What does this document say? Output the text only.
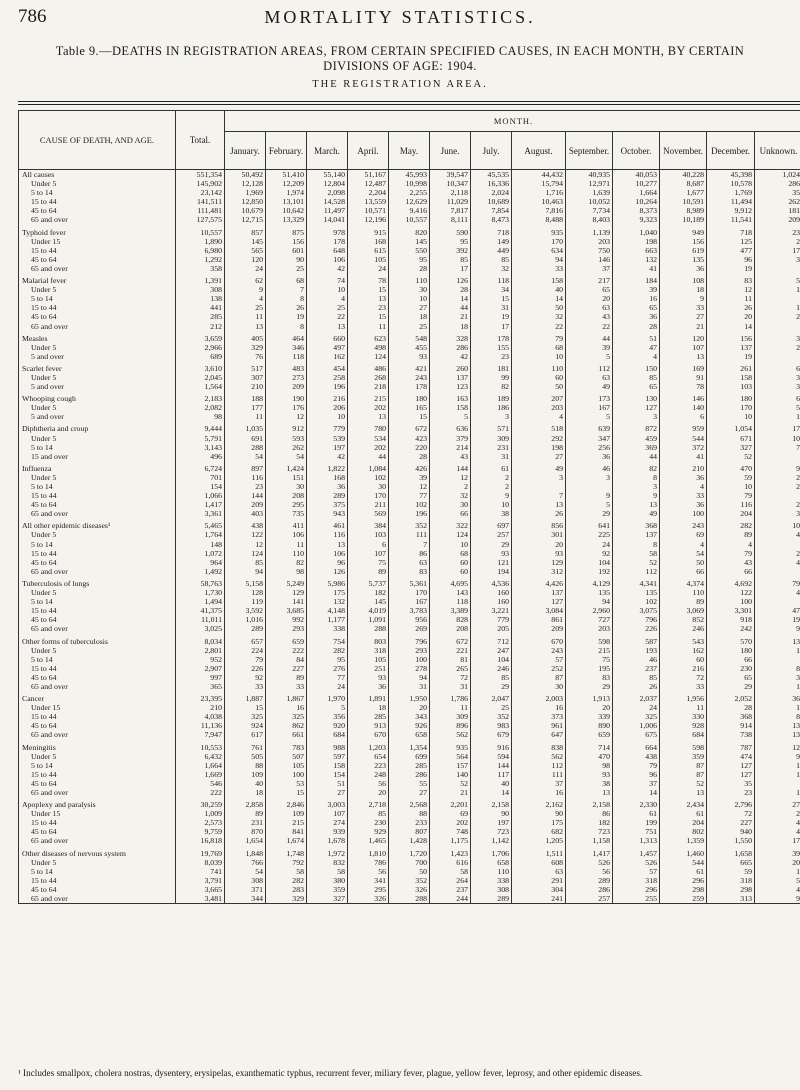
786	MORTALITY STATISTICS.
Table 9.—DEATHS IN REGISTRATION AREAS, FROM CERTAIN SPECIFIED CAUSES, IN EACH MONTH, BY CERTAIN
DIVISIONS OF AGE: 1904.
THE REGISTRATION AREA.
CAUSE OF DEATH, AND AGE.	Total.	MONTH.												
		January.	February.	March.	April.	May.	June.	July.	August.	September.	October.	November.	December.	Unknown.
All causes	551,354	50,492	51,410	55,140	51,167	45,993	39,547	45,535	44,432	40,935	40,053	40,228	45,398	1,024
Under 5	145,902	12,128	12,209	12,804	12,487	10,998	10,347	16,336	15,794	12,971	10,277	8,687	10,578	286
5 to 14	23,142	1,969	1,974	2,098	2,204	2,255	2,118	2,024	1,716	1,639	1,664	1,677	1,769	35
15 to 44	141,511	12,850	13,101	14,528	13,559	12,629	11,029	10,689	10,463	10,052	10,264	10,591	11,494	262
45 to 64	111,481	10,679	10,642	11,497	10,571	9,416	7,817	7,854	7,816	7,734	8,373	8,989	9,912	181
65 and over	127,575	12,715	13,329	14,041	12,196	10,557	8,111	8,473	8,488	8,403	9,323	10,189	11,541	209
Typhoid fever	10,557	857	875	978	915	820	590	718	935	1,139	1,040	949	718	23
Under 15	1,890	145	156	178	168	145	95	149	170	203	198	156	125	2
15 to 44	6,980	565	601	648	615	550	392	449	634	750	663	619	477	17
45 to 64	1,292	120	90	106	105	95	85	85	94	146	132	135	96	3
65 and over	358	24	25	42	24	28	17	32	33	37	41	36	19	
Malarial fever	1,391	62	68	74	78	110	126	118	158	217	184	108	83	5
Under 5	308	9	7	10	15	30	28	34	40	65	39	18	12	1
5 to 14	138	4	8	4	13	10	14	15	14	20	16	9	11	
15 to 44	441	25	26	25	23	27	44	31	50	63	65	33	26	1
45 to 64	285	11	19	22	15	18	21	19	32	43	36	27	20	2
65 and over	212	13	8	13	11	25	18	17	22	22	28	21	14	
Measles	3,659	405	464	660	623	548	328	178	79	44	51	120	156	3
Under 5	2,966	329	346	497	498	455	286	155	68	39	47	107	137	2
5 and over	689	76	118	162	124	93	42	23	10	5	4	13	19	
Scarlet fever	3,610	517	483	454	486	421	260	181	110	112	150	169	261	6
Under 5	2,045	307	273	258	268	243	137	99	60	63	85	91	158	3
5 and over	1,564	210	209	196	218	178	123	82	50	49	65	78	103	3
Whooping cough	2,183	188	190	216	215	180	163	189	207	173	130	146	180	6
Under 5	2,082	177	176	206	202	165	158	186	203	167	127	140	170	5
5 and over	98	11	12	10	13	15	5	3	4	5	3	6	10	1
Diphtheria and croup	9,444	1,035	912	779	780	672	636	571	518	639	872	959	1,054	17
Under 5	5,791	691	593	539	534	423	379	309	292	347	459	544	671	10
5 to 14	3,143	288	262	197	202	220	214	231	198	256	369	372	327	7
15 and over	496	54	54	42	44	28	43	31	27	36	44	41	52	
Influenza	6,724	897	1,424	1,822	1,084	426	144	61	49	46	82	210	470	9
Under 5	701	116	151	168	102	39	12	2	3	3	8	36	59	2
5 to 14	154	23	30	36	30	12	2	2			3	4	10	2
15 to 44	1,066	144	208	289	170	77	32	9	7	9	9	33	79	
45 to 64	1,417	209	295	375	211	102	30	10	13	5	13	36	116	2
65 and over	3,361	403	735	943	569	196	66	38	26	29	49	100	204	3
All other epidemic diseases¹	5,465	438	411	461	384	352	322	697	856	641	368	243	282	10
Under 5	1,764	122	106	116	103	111	124	257	301	225	137	69	89	4
5 to 14	148	12	11	13	6	7	10	29	20	24	8	4	4	
15 to 44	1,072	124	110	106	107	86	68	93	93	92	58	54	79	2
45 to 64	964	85	82	96	75	63	60	121	129	104	52	50	43	4
65 and over	1,492	94	98	126	89	83	60	194	312	192	112	66	66	
Tuberculosis of lungs	58,763	5,158	5,249	5,986	5,737	5,361	4,695	4,536	4,426	4,129	4,341	4,374	4,692	79
Under 5	1,730	128	129	175	182	170	143	160	137	135	135	110	122	4
5 to 14	1,494	119	141	132	145	167	118	160	127	94	102	89	100	
15 to 44	41,375	3,592	3,685	4,148	4,019	3,783	3,389	3,221	3,084	2,960	3,075	3,069	3,301	47
45 to 64	11,011	1,016	992	1,177	1,091	956	828	779	861	727	796	852	918	19
65 and over	3,025	289	293	338	288	269	208	205	209	203	226	246	242	9
Other forms of tuberculosis	8,034	657	659	754	803	796	672	712	670	598	587	543	570	13
Under 5	2,801	224	222	282	318	293	221	247	243	215	193	162	180	1
5 to 14	952	79	84	95	105	100	81	104	57	75	46	60	66	
15 to 44	2,907	226	227	276	251	278	265	246	252	195	237	216	230	8
45 to 64	997	92	89	77	93	94	72	85	87	83	85	72	65	3
65 and over	365	33	33	24	36	31	31	29	30	29	26	33	29	1
Cancer	23,395	1,887	1,867	1,970	1,891	1,950	1,786	2,047	2,003	1,913	2,037	1,956	2,052	36
Under 15	210	15	16	5	18	20	11	25	16	20	24	11	28	1
15 to 44	4,038	325	325	356	285	343	309	352	373	339	325	330	368	8
45 to 64	11,136	924	862	920	913	926	896	983	961	890	1,006	928	914	13
65 and over	7,947	617	661	684	670	658	562	679	647	659	675	684	738	13
Meningitis	10,553	761	783	988	1,203	1,354	935	916	838	714	664	598	787	12
Under 5	6,432	505	507	597	654	699	564	594	562	470	438	359	474	9
5 to 14	1,664	88	105	158	223	285	157	144	112	98	79	87	127	1
15 to 44	1,669	109	100	154	248	286	140	117	111	93	96	87	127	1
45 to 64	546	40	53	51	56	55	52	40	37	38	37	52	35	
65 and over	222	18	15	27	20	27	21	14	16	13	14	13	23	1
Apoplexy and paralysis	30,259	2,858	2,846	3,003	2,718	2,568	2,201	2,158	2,162	2,158	2,330	2,434	2,796	27
Under 15	1,009	89	109	107	85	88	69	90	90	86	61	61	72	2
15 to 44	2,573	231	215	274	230	233	202	197	175	182	199	204	227	4
45 to 64	9,759	870	841	939	929	807	748	723	682	723	751	802	940	4
65 and over	16,818	1,654	1,674	1,678	1,465	1,428	1,175	1,142	1,205	1,158	1,313	1,359	1,550	17
Other diseases of nervous system	19,769	1,848	1,748	1,972	1,810	1,720	1,423	1,706	1,511	1,417	1,457	1,460	1,658	39
Under 5	8,039	766	792	832	786	700	616	658	608	526	526	544	665	20
5 to 14	741	54	58	58	56	50	58	110	63	56	57	61	59	1
15 to 44	3,791	308	282	380	341	352	264	338	291	289	318	296	318	5
45 to 64	3,665	371	283	359	295	326	237	308	304	286	296	298	298	4
65 and over	3,481	344	329	327	326	288	244	289	241	257	255	259	313	9
¹ Includes smallpox, cholera nostras, dysentery, erysipelas, exanthematic typhus, recurrent fever, miliary fever, plague, yellow fever, leprosy, and other epidemic diseases.
